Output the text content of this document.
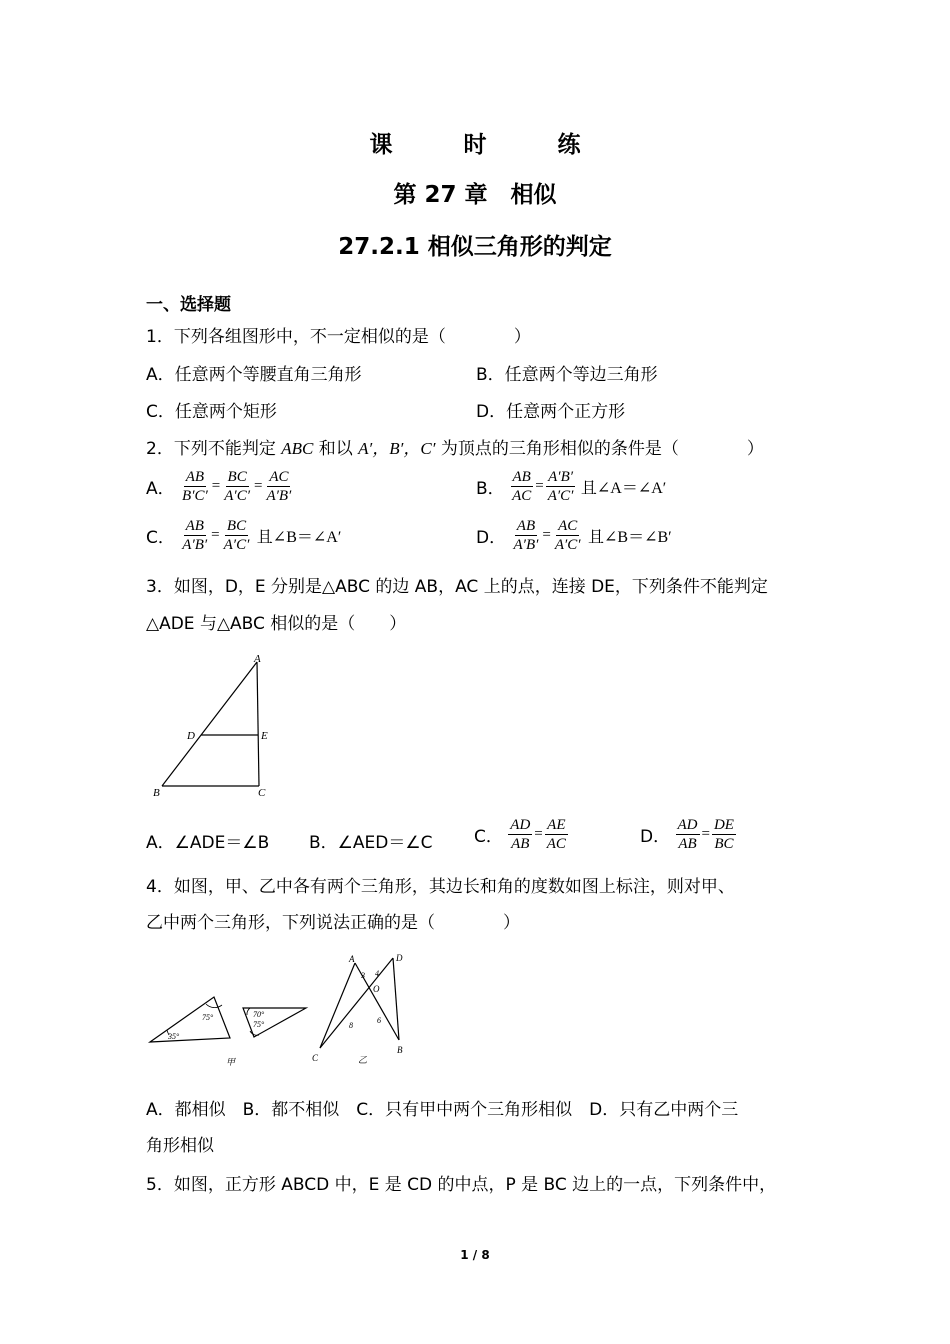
课　时　练
第 27 章　相似
27.2.1 相似三角形的判定
一、选择题
1．下列各组图形中，不一定相似的是（　　　　）
A．任意两个等腰直角三角形	B．任意两个等边三角形
C．任意两个矩形	D．任意两个正方形
2．下列不能判定 ABC 和以 A′，B′，C′ 为顶点的三角形相似的条件是（　　　　）
A． $\frac{AB}{B'C'} = \frac{BC}{A'C'} = \frac{AC}{A'B'}$	B． $\frac{AB}{AC} = \frac{A'B'}{A'C'}$ 且∠A＝∠A′
C． $\frac{AB}{A'B'} = \frac{BC}{A'C'}$ 且∠B＝∠A′	D． $\frac{AB}{A'B'} = \frac{AC}{A'C'}$ 且∠B＝∠B′
3．如图，D，E 分别是△ABC 的边 AB，AC 上的点，连接 DE，下列条件不能判定
△ADE 与△ABC 相似的是（　　）
A
B	C
D	E
A．∠ADE＝∠B B．∠AED＝∠C C． $\frac{AD}{AB} = \frac{AE}{AC}$	D． $\frac{AD}{AB} = \frac{DE}{BC}$
4．如图，甲、乙中各有两个三角形，其边长和角的度数如图上标注，则对甲、
乙中两个三角形，下列说法正确的是（　　　　）
75°
35°
70°
75°
甲
A	D
C
B
O
3 4
8
6
乙
A．都相似　B．都不相似　C．只有甲中两个三角形相似　D．只有乙中两个三
角形相似
5．如图，正方形 ABCD 中，E 是 CD 的中点，P 是 BC 边上的一点，下列条件中，
1 / 8
